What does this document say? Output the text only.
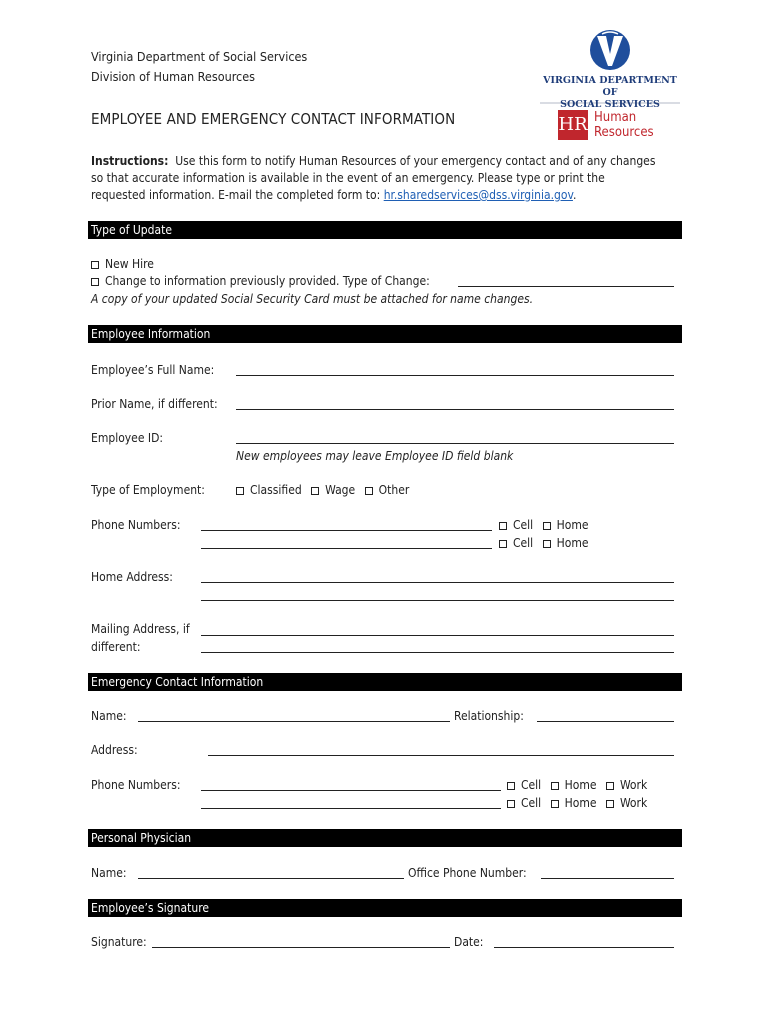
Virginia Department of Social Services
Division of Human Resources	VIRGINIA DEPARTMENT OF
SOCIAL SERVICES
HR Human
Resources
EMPLOYEE AND EMERGENCY CONTACT INFORMATION
Instructions: Use this form to notify Human Resources of your emergency contact and of any changes
so that accurate information is available in the event of an emergency. Please type or print the
requested information. E-mail the completed form to: hr.sharedservices@dss.virginia.gov.
Type of Update
New Hire
Change to information previously provided. Type of Change:
A copy of your updated Social Security Card must be attached for name changes.
Employee Information
Employee’s Full Name:
Prior Name, if different:
Employee ID:
New employees may leave Employee ID field blank
Type of Employment:	Classified Wage Other
Phone Numbers:	Cell Home
Cell Home
Home Address:
Mailing Address, if
different:
Emergency Contact Information
Name:	Relationship:
Address:
Phone Numbers:	Cell Home Work
Cell Home Work
Personal Physician
Name:	Office Phone Number:
Employee’s Signature
Signature:	Date:
